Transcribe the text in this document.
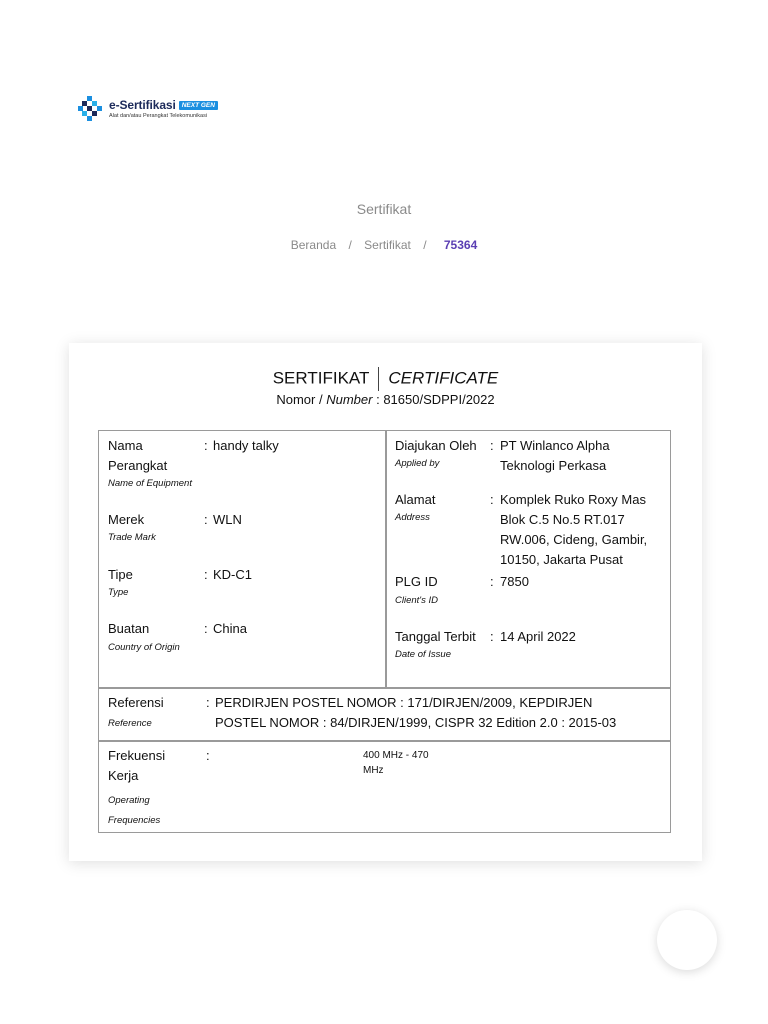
e-Sertifikasi NEXT GEN
Alat dan/atau Perangkat Telekomunikasi
Sertifikat
Beranda / Sertifikat / 75364
SERTIFIKAT CERTIFICATE
Nomor / Number : 81650/SDPPI/2022
Nama
Perangkat
Name of Equipment
: handy talky
Merek
Trade Mark
: WLN
Tipe
Type
: KD-C1
Buatan
Country of Origin
: China
Diajukan Oleh
Applied by
: PT Winlanco Alpha
Teknologi Perkasa
Alamat
Address
: Komplek Ruko Roxy Mas
Blok C.5 No.5 RT.017
RW.006, Cideng, Gambir,
10150, Jakarta Pusat
PLG ID
Client's ID
: 7850
Tanggal Terbit
Date of Issue
: 14 April 2022
Referensi
Reference
: PERDIRJEN POSTEL NOMOR : 171/DIRJEN/2009, KEPDIRJEN
POSTEL NOMOR : 84/DIRJEN/1999, CISPR 32 Edition 2.0 : 2015-03
Frekuensi
Kerja
Operating
Frequencies
:	400 MHz - 470
MHz
